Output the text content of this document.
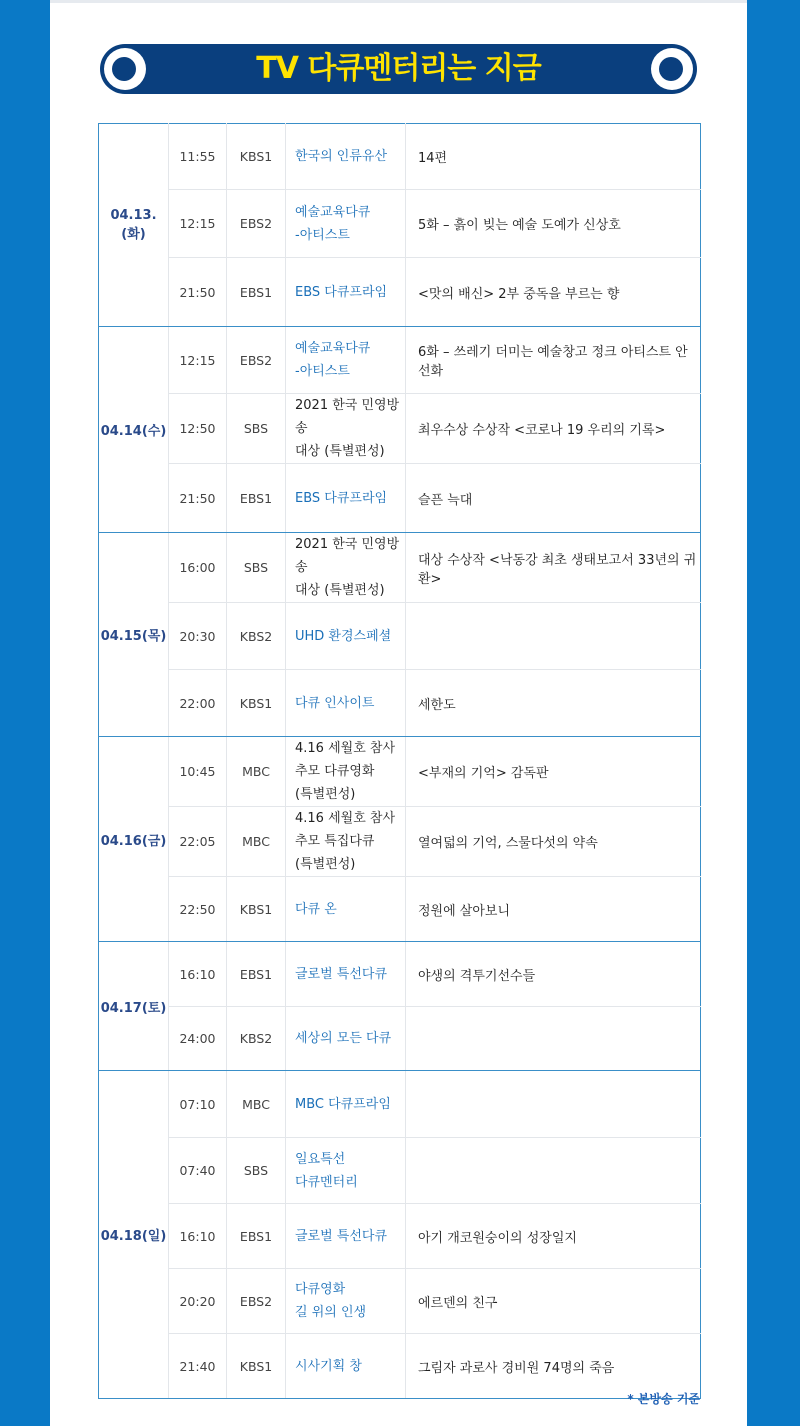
TV 다큐멘터리는 지금
04.13.(화)	11:55	KBS1	한국의 인류유산	14편
	12:15	EBS2	예술교육다큐
-아티스트	5화 – 흙이 빚는 예술 도예가 신상호
	21:50	EBS1	EBS 다큐프라임	<맛의 배신> 2부 중독을 부르는 향
04.14(수)	12:15	EBS2	예술교육다큐
-아티스트	6화 – 쓰레기 더미는 예술창고 정크 아티스트 안선화
	12:50	SBS	2021 한국 민영방송
대상 (특별편성)	최우수상 수상작 <코로나 19 우리의 기록>
	21:50	EBS1	EBS 다큐프라임	슬픈 늑대
04.15(목)	16:00	SBS	2021 한국 민영방송
대상 (특별편성)	대상 수상작 <낙동강 최초 생태보고서 33년의 귀환>
	20:30	KBS2	UHD 환경스페셜	

	22:00	KBS1	다큐 인사이트	세한도
04.16(금)	10:45	MBC	4.16 세월호 참사
추모 다큐영화
(특별편성)	<부재의 기억> 감독판
	22:05	MBC	4.16 세월호 참사
추모 특집다큐
(특별편성)	열여덟의 기억, 스물다섯의 약속
	22:50	KBS1	다큐 온	정원에 살아보니
04.17(토)	16:10	EBS1	글로벌 특선다큐	야생의 격투기선수들
	24:00	KBS2	세상의 모든 다큐	

04.18(일)	07:10	MBC	MBC 다큐프라임	

	07:40	SBS	일요특선
다큐멘터리	

	16:10	EBS1	글로벌 특선다큐	아기 개코원숭이의 성장일지
	20:20	EBS2	다큐영화
길 위의 인생	에르덴의 친구
	21:40	KBS1	시사기획 창	그림자 과로사 경비원 74명의 죽음
* 본방송 기준
